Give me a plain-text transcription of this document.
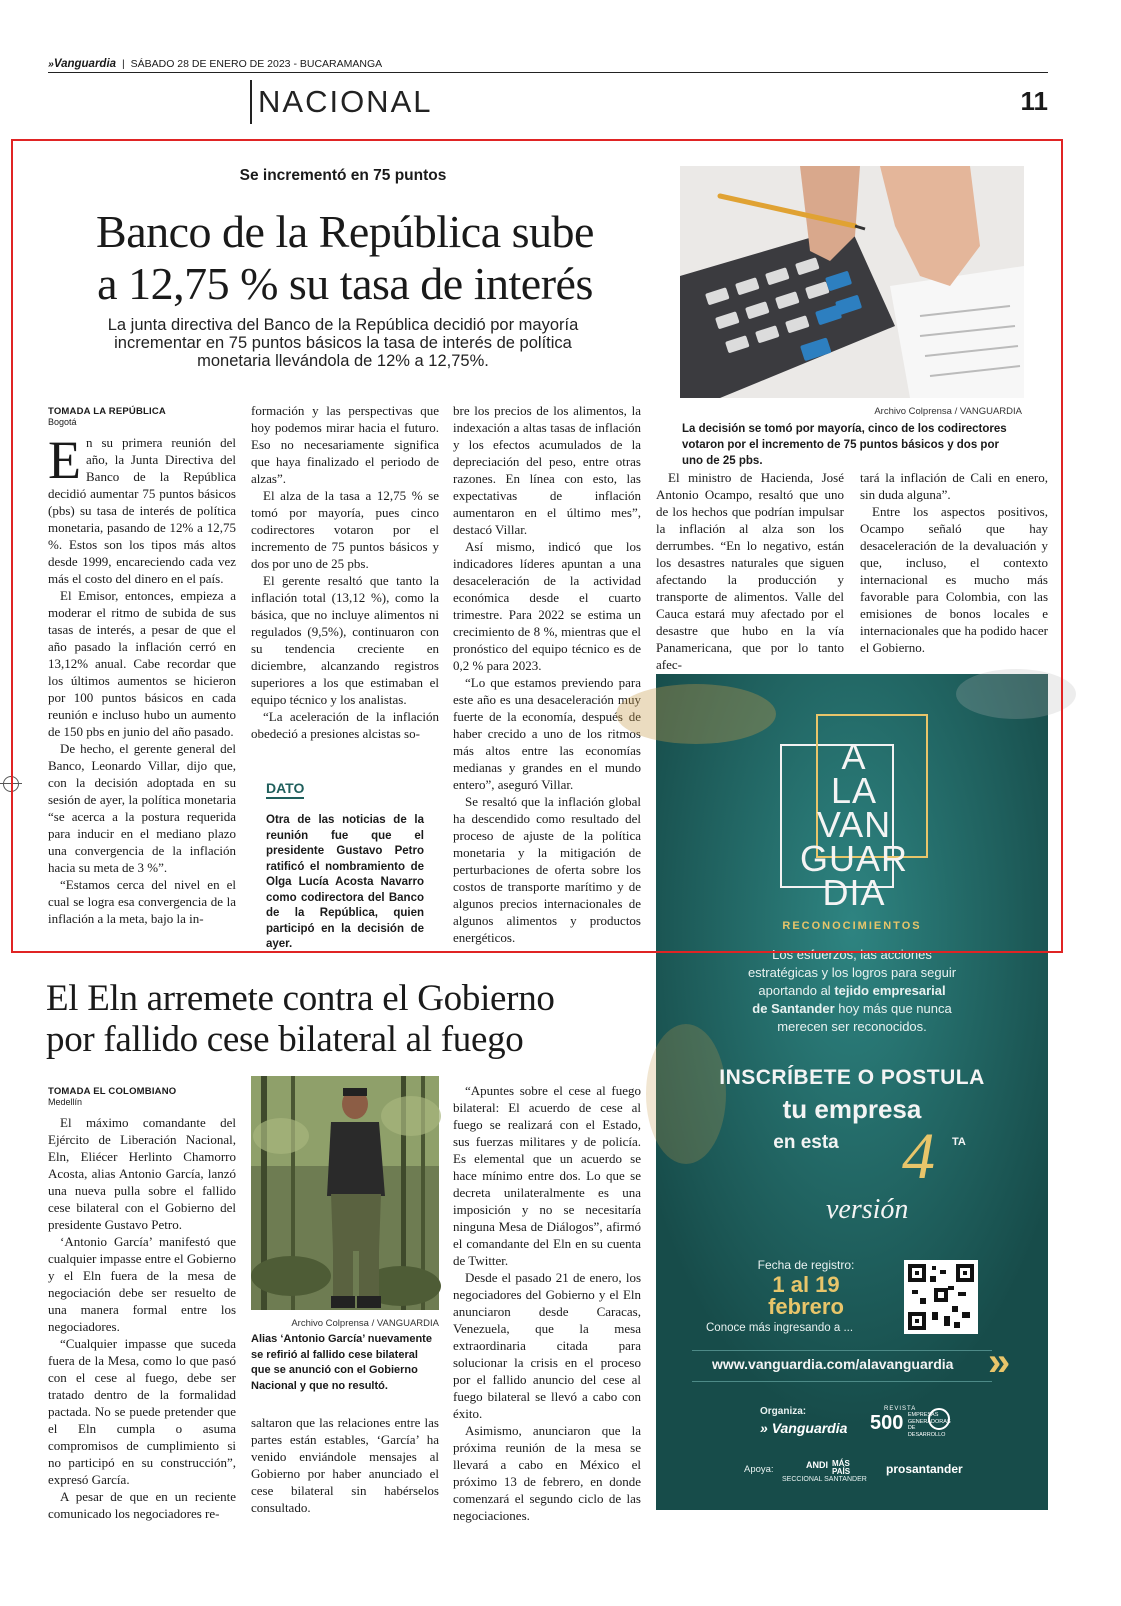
»Vanguardia | SÁBADO 28 DE ENERO DE 2023 - BUCARAMANGA
NACIONAL	11
Se incrementó en 75 puntos
Banco de la República sube
a 12,75 % su tasa de interés
La junta directiva del Banco de la República decidió por mayoría
incrementar en 75 puntos básicos la tasa de interés de política
monetaria llevándola de 12% a 12,75%.
TOMADA LA REPÚBLICA
Bogotá

En su primera reunión del año, la Junta Directiva del Banco de la República decidió aumentar 75 puntos básicos (pbs) su tasa de interés de política monetaria, pasando de 12% a 12,75 %. Estos son los tipos más altos desde 1999, encareciendo cada vez más el costo del dinero en el país.

El Emisor, entonces, empieza a moderar el ritmo de subida de sus tasas de interés, a pesar de que el año pasado la inflación cerró en 13,12% anual. Cabe recordar que los últimos aumentos se hicieron por 100 puntos básicos en cada reunión e incluso hubo un aumento de 150 pbs en junio del año pasado.

De hecho, el gerente general del Banco, Leonardo Villar, dijo que, con la decisión adoptada en su sesión de ayer, la política monetaria “se acerca a la postura requerida para inducir en el mediano plazo una convergencia de la inflación hacia su meta de 3 %”.

“Estamos cerca del nivel en el cual se logra esa convergencia de la inflación a la meta, bajo la in-

formación y las perspectivas que hoy podemos mirar hacia el futuro. Eso no necesariamente significa que haya finalizado el periodo de alzas”.

El alza de la tasa a 12,75 % se tomó por mayoría, pues cinco codirectores votaron por el incremento de 75 puntos básicos y dos por uno de 25 pbs.

El gerente resaltó que tanto la inflación total (13,12 %), como la básica, que no incluye alimentos ni regulados (9,5%), continuaron con su tendencia creciente en diciembre, alcanzando registros superiores a los que estimaban el equipo técnico y los analistas.

“La aceleración de la inflación obedeció a presiones alcistas so-

DATO
Otra de las noticias de la reunión fue que el presidente Gustavo Petro ratificó el nombramiento de Olga Lucía Acosta Navarro como codirectora del Banco de la República, quien participó en la decisión de ayer.

bre los precios de los alimentos, la indexación a altas tasas de inflación y los efectos acumulados de la depreciación del peso, entre otras razones. En línea con esto, las expectativas de inflación aumentaron en el último mes”, destacó Villar.

Así mismo, indicó que los indicadores líderes apuntan a una desaceleración de la actividad económica desde el cuarto trimestre. Para 2022 se estima un crecimiento de 8 %, mientras que el pronóstico del equipo técnico es de 0,2 % para 2023.

“Lo que estamos previendo para este año es una desaceleración muy fuerte de la economía, después de haber crecido a uno de los ritmos más altos entre las economías medianas y grandes en el mundo entero”, aseguró Villar.

Se resaltó que la inflación global ha descendido como resultado del proceso de ajuste de la política monetaria y la mitigación de perturbaciones de oferta sobre los costos de transporte marítimo y de algunos precios internacionales de algunos alimentos y productos energéticos.

Archivo Colprensa / VANGUARDIA
La decisión se tomó por mayoría, cinco de los codirectores votaron por el incremento de 75 puntos básicos y dos por uno de 25 pbs.

El ministro de Hacienda, José Antonio Ocampo, resaltó que uno de los hechos que podrían impulsar la inflación al alza son los derrumbes. “En lo negativo, están los desastres naturales que siguen afectando la producción y transporte de alimentos. Valle del Cauca estará muy afectado por el desastre que hubo en la vía Panamericana, que por lo tanto afec-

tará la inflación de Cali en enero, sin duda alguna”.

Entre los aspectos positivos, Ocampo señaló que hay desaceleración de la devaluación y que, incluso, el contexto internacional es mucho más favorable para Colombia, con las emisiones de bonos locales e internacionales que ha podido hacer el Gobierno.

A
LA
VAN
GUAR
DIA
RECONOCIMIENTOS
Los esfuerzos, las acciones
estratégicas y los logros para seguir
aportando al tejido empresarial
de Santander hoy más que nunca
merecen ser reconocidos.
INSCRÍBETE O POSTULA
tu empresa
en esta 4 TA
versión
Fecha de registro:
1 al 19
febrero
Conoce más ingresando a ...
www.vanguardia.com/alavanguardia »
Organiza:
» Vanguardia
REVISTA
500 EMPRESAS GENERADORAS DE DESARROLLO
Apoya:	ANDI MÁS PAÍS
SECCIONAL SANTANDER
prosantander
El Eln arremete contra el Gobierno
por fallido cese bilateral al fuego
TOMADA EL COLOMBIANO
Medellín

El máximo comandante del Ejército de Liberación Nacional, Eln, Eliécer Herlinto Chamorro Acosta, alias Antonio García, lanzó una nueva pulla sobre el fallido cese bilateral con el Gobierno del presidente Gustavo Petro.

‘Antonio García’ manifestó que cualquier impasse entre el Gobierno y el Eln fuera de la mesa de negociación debe ser resuelto de una manera formal entre los negociadores.

“Cualquier impasse que suceda fuera de la Mesa, como lo que pasó con el cese al fuego, debe ser tratado dentro de la formalidad pactada. No se puede pretender que el Eln cumpla o asuma compromisos de cumplimiento si no participó en su construcción”, expresó García.

A pesar de que en un reciente comunicado los negociadores re-

Archivo Colprensa / VANGUARDIA
Alias ‘Antonio García’ nuevamente se refirió al fallido cese bilateral que se anunció con el Gobierno Nacional y que no resultó.

saltaron que las relaciones entre las partes están estables, ‘García’ ha venido enviándole mensajes al Gobierno por haber anunciado el cese bilateral sin habérselos consultado.

“Apuntes sobre el cese al fuego bilateral: El acuerdo de cese al fuego se realizará con el Estado, sus fuerzas militares y de policía. Es elemental que un acuerdo se hace mínimo entre dos. Lo que se decreta unilateralmente es una imposición y no se necesitaría ninguna Mesa de Diálogos”, afirmó el comandante del Eln en su cuenta de Twitter.

Desde el pasado 21 de enero, los negociadores del Gobierno y el Eln anunciaron desde Caracas, Venezuela, que la mesa extraordinaria citada para solucionar la crisis en el proceso por el fallido anuncio del cese al fuego bilateral se llevó a cabo con éxito.

Asimismo, anunciaron que la próxima reunión de la mesa se llevará a cabo en México el próximo 13 de febrero, en donde comenzará el segundo ciclo de las negociaciones.
